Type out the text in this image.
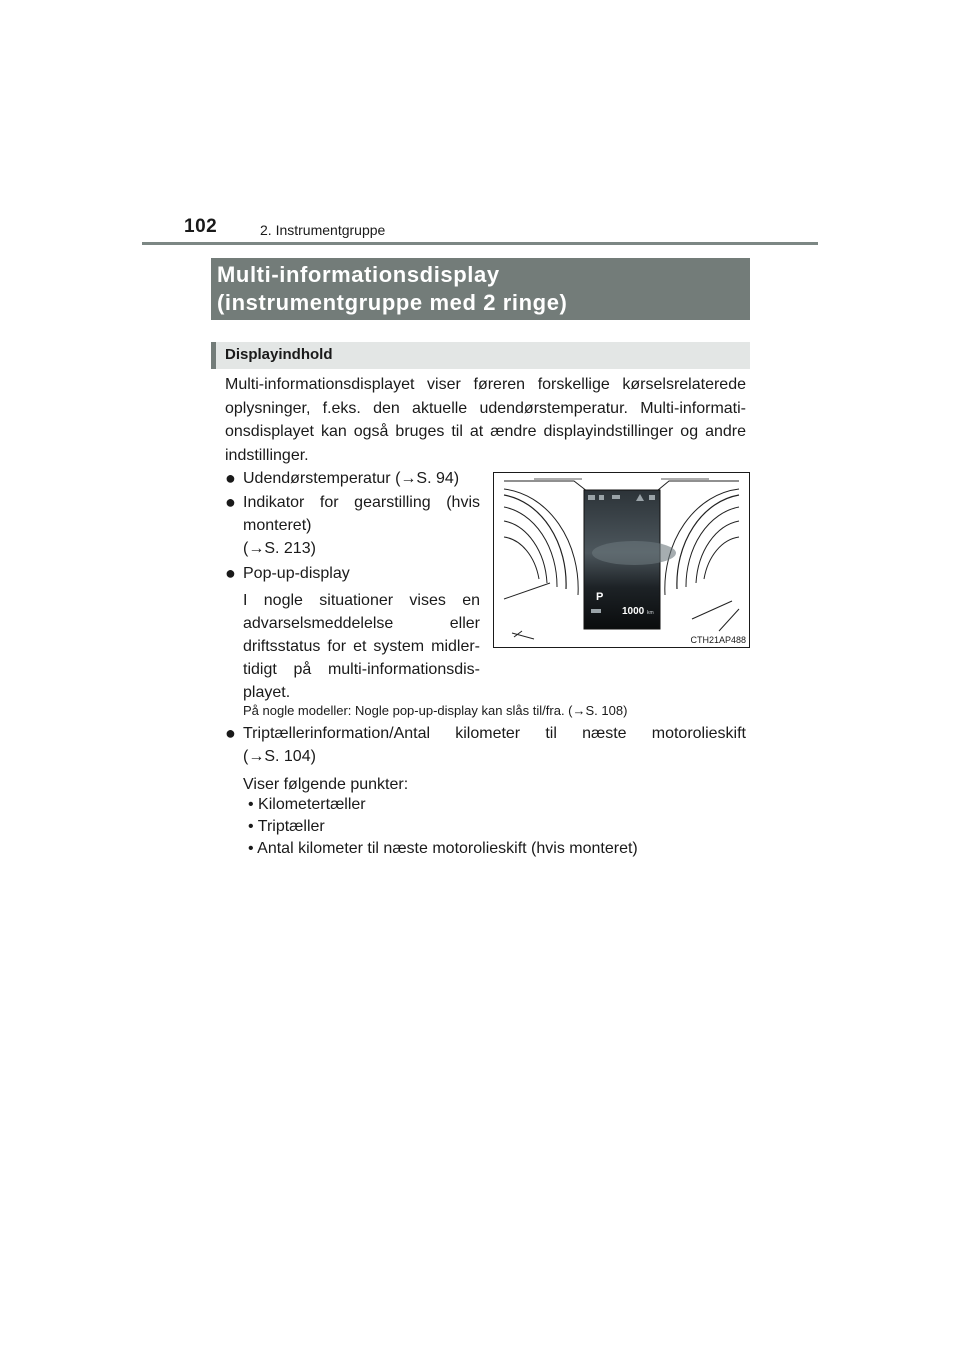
102	2. Instrumentgruppe
Multi-informationsdisplay
(instrumentgruppe med 2 ringe)
Displayindhold
Multi-informationsdisplayet viser føreren forskellige kørselsrelaterede oplysninger, f.eks. den aktuelle udendørstemperatur. Multi-informati-onsdisplayet kan også bruges til at ændre displayindstillinger og andre indstillinger.
● Udendørstemperatur (→S. 94)
● Indikator for gearstilling (hvis
monteret)
(→S. 213)
● Pop-up-display
I nogle situationer vises en
advarselsmeddelelse eller
driftsstatus for et system midler-
tidigt på multi-informationsdis-
playet.
På nogle modeller: Nogle pop-up-display kan slås til/fra. (→S. 108)
● Triptællerinformation/Antal kilometer til næste motorolieskift
(→S. 104)
Viser følgende punkter:
• Kilometertæller
• Triptæller
• Antal kilometer til næste motorolieskift (hvis monteret)
P
1000 km
CTH21AP488
